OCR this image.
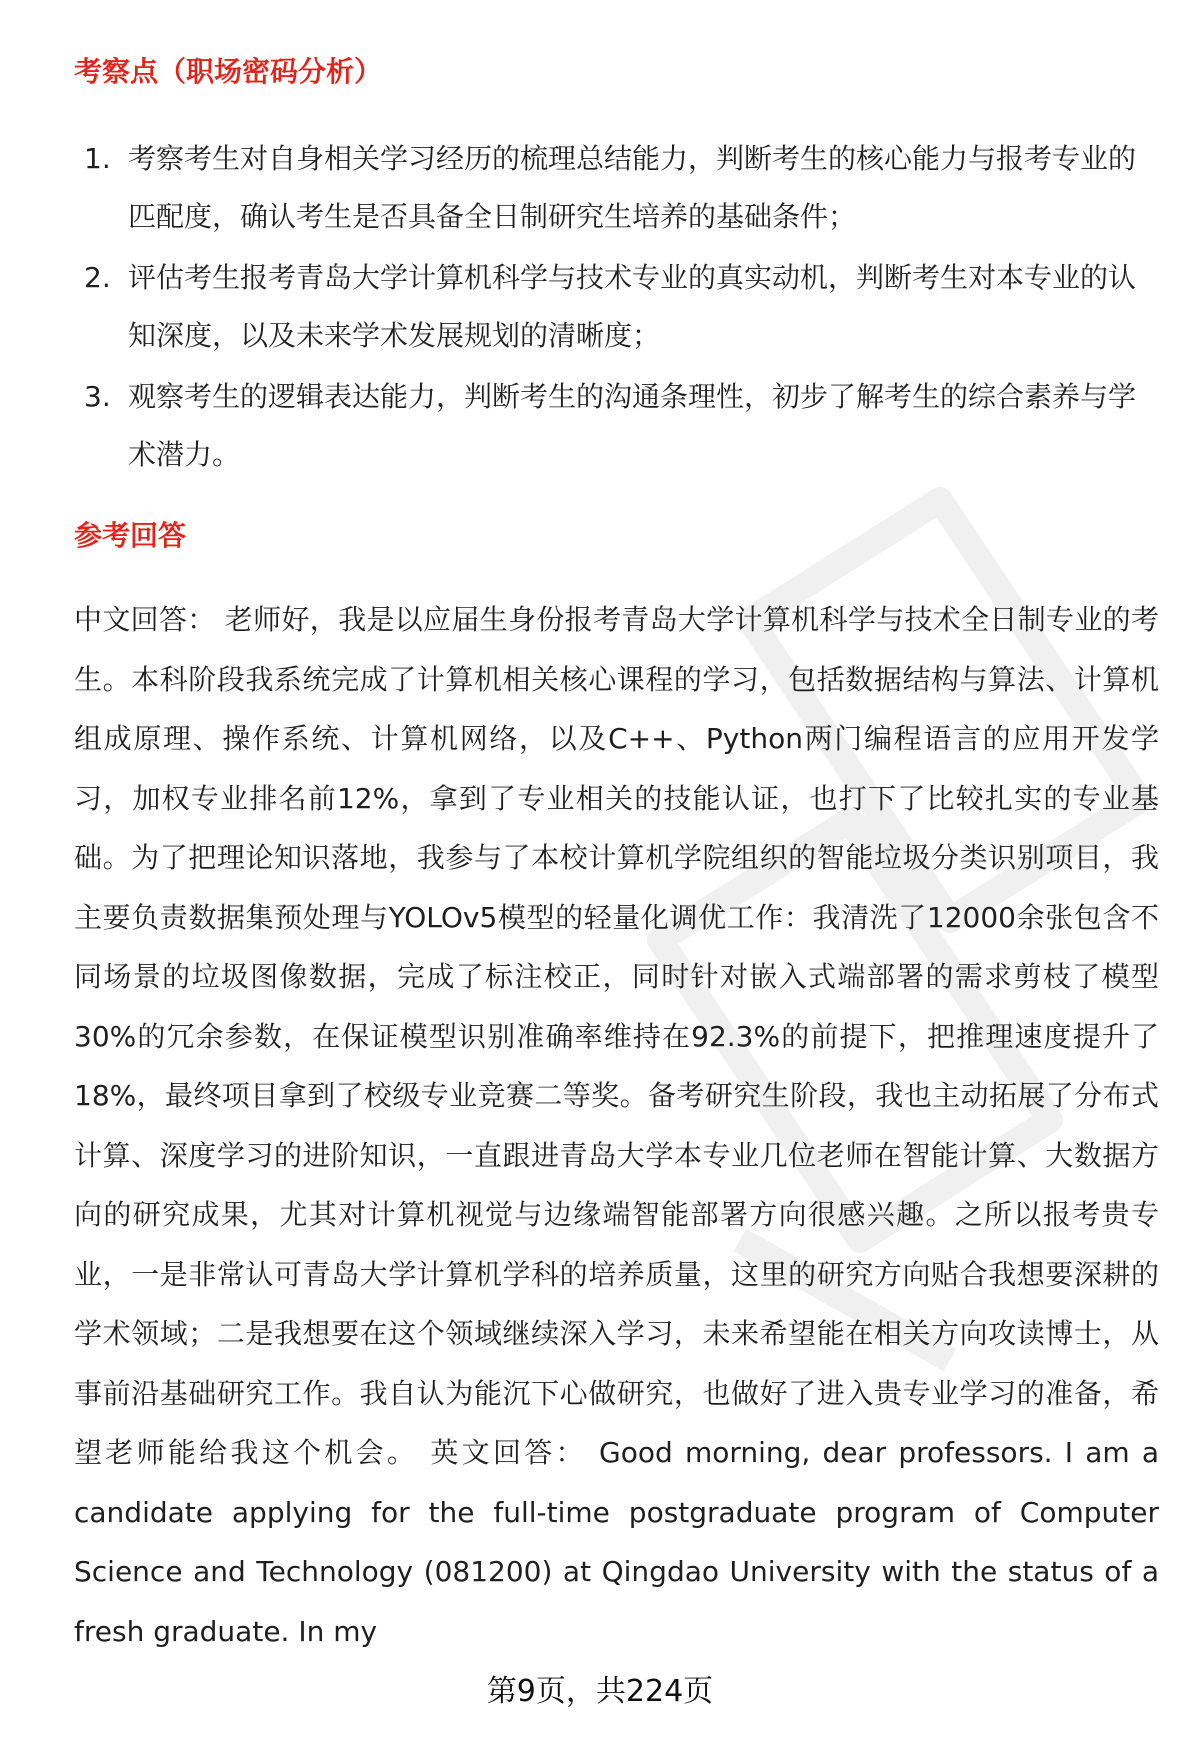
考察点（职场密码分析）
1. 考察考生对自身相关学习经历的梳理总结能力，判断考生的核心能力与报考专业的匹配度，确认考生是否具备全日制研究生培养的基础条件；
2. 评估考生报考青岛大学计算机科学与技术专业的真实动机，判断考生对本专业的认知深度，以及未来学术发展规划的清晰度；
3. 观察考生的逻辑表达能力，判断考生的沟通条理性，初步了解考生的综合素养与学术潜力。
参考回答

中文回答： 老师好，我是以应届生身份报考青岛大学计算机科学与技术全日制专业的考生。本科阶段我系统完成了计算机相关核心课程的学习，包括数据结构与算法、计算机组成原理、操作系统、计算机网络，以及C++、Python两门编程语言的应用开发学习，加权专业排名前12%，拿到了专业相关的技能认证，也打下了比较扎实的专业基础。为了把理论知识落地，我参与了本校计算机学院组织的智能垃圾分类识别项目，我主要负责数据集预处理与YOLOv5模型的轻量化调优工作：我清洗了12000余张包含不同场景的垃圾图像数据，完成了标注校正，同时针对嵌入式端部署的需求剪枝了模型30%的冗余参数，在保证模型识别准确率维持在92.3%的前提下，把推理速度提升了18%，最终项目拿到了校级专业竞赛二等奖。备考研究生阶段，我也主动拓展了分布式计算、深度学习的进阶知识，一直跟进青岛大学本专业几位老师在智能计算、大数据方向的研究成果，尤其对计算机视觉与边缘端智能部署方向很感兴趣。之所以报考贵专业，一是非常认可青岛大学计算机学科的培养质量，这里的研究方向贴合我想要深耕的学术领域；二是我想要在这个领域继续深入学习，未来希望能在相关方向攻读博士，从事前沿基础研究工作。我自认为能沉下心做研究，也做好了进入贵专业学习的准备，希望老师能给我这个机会。 英文回答： Good morning, dear professors. I am a candidate applying for the full-time postgraduate program of Computer Science and Technology (081200) at Qingdao University with the status of a fresh graduate. In my

第9页，共224页
